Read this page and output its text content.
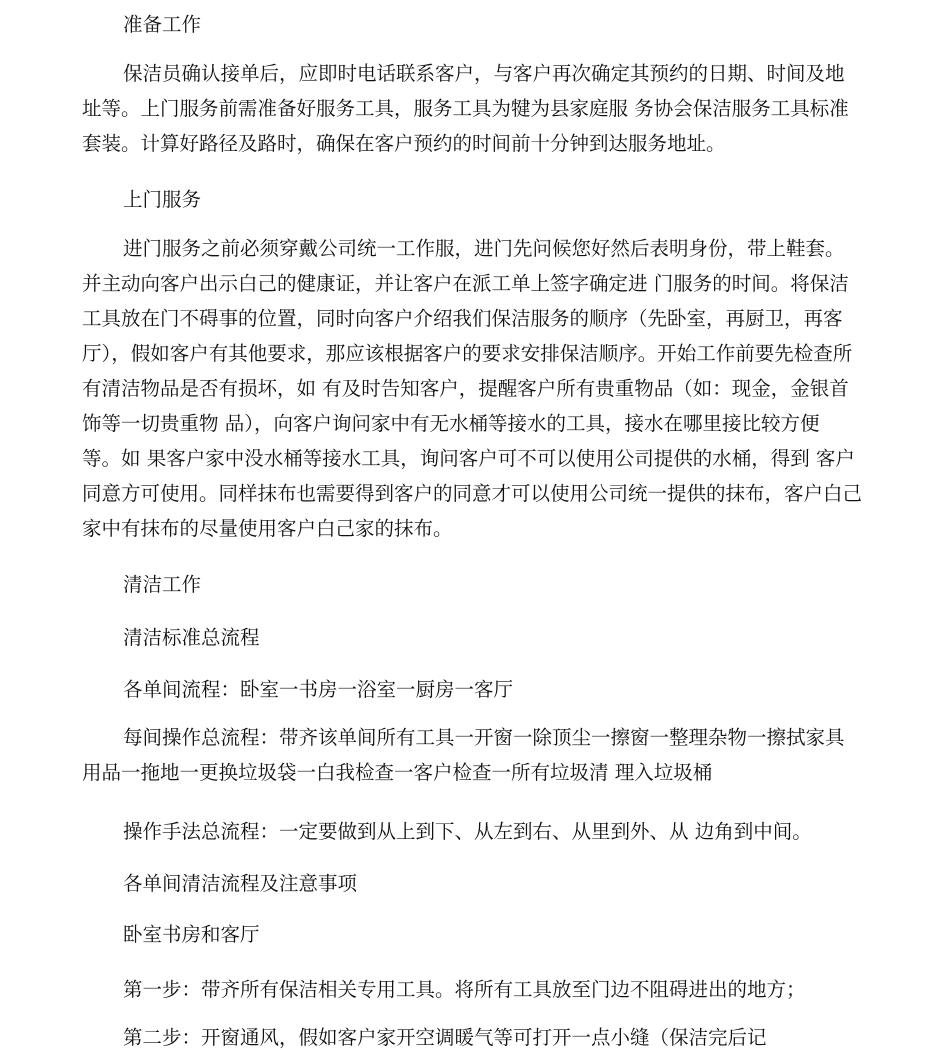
准备工作
保洁员确认接单后，应即时电话联系客户，与客户再次确定其预约的日期、时间及地
址等。上门服务前需准备好服务工具，服务工具为犍为县家庭服 务协会保洁服务工具标准
套装。计算好路径及路时，确保在客户预约的时间前十分钟到达服务地址。
上门服务
进门服务之前必须穿戴公司统一工作服，进门先问候您好然后表明身份，带上鞋套。
并主动向客户出示白己的健康证，并让客户在派工单上签字确定进 门服务的时间。将保洁
工具放在门不碍事的位置，同时向客户介绍我们保洁服务的顺序（先卧室，再厨卫，再客
厅），假如客户有其他要求，那应该根据客户的要求安排保洁顺序。开始工作前要先检查所
有清洁物品是否有损坏，如 有及时告知客户，提醒客户所有贵重物品（如：现金，金银首
饰等一切贵重物 品），向客户询问家中有无水桶等接水的工具，接水在哪里接比较方便
等。如 果客户家中没水桶等接水工具，询问客户可不可以使用公司提供的水桶，得到 客户
同意方可使用。同样抹布也需要得到客户的同意才可以使用公司统一提供的抹布，客户白己
家中有抹布的尽量使用客户白己家的抹布。
清洁工作
清洁标准总流程
各单间流程：卧室一书房一浴室一厨房一客厅
每间操作总流程：带齐该单间所有工具一开窗一除顶尘一擦窗一整理杂物一擦拭家具
用品一拖地一更换垃圾袋一白我检查一客户检查一所有垃圾清 理入垃圾桶
操作手法总流程：一定要做到从上到下、从左到右、从里到外、从 边角到中间。
各单间清洁流程及注意事项
卧室书房和客厅
第一步：带齐所有保洁相关专用工具。将所有工具放至门边不阻碍进出的地方；
第二步：开窗通风，假如客户家开空调暖气等可打开一点小缝（保洁完后记
